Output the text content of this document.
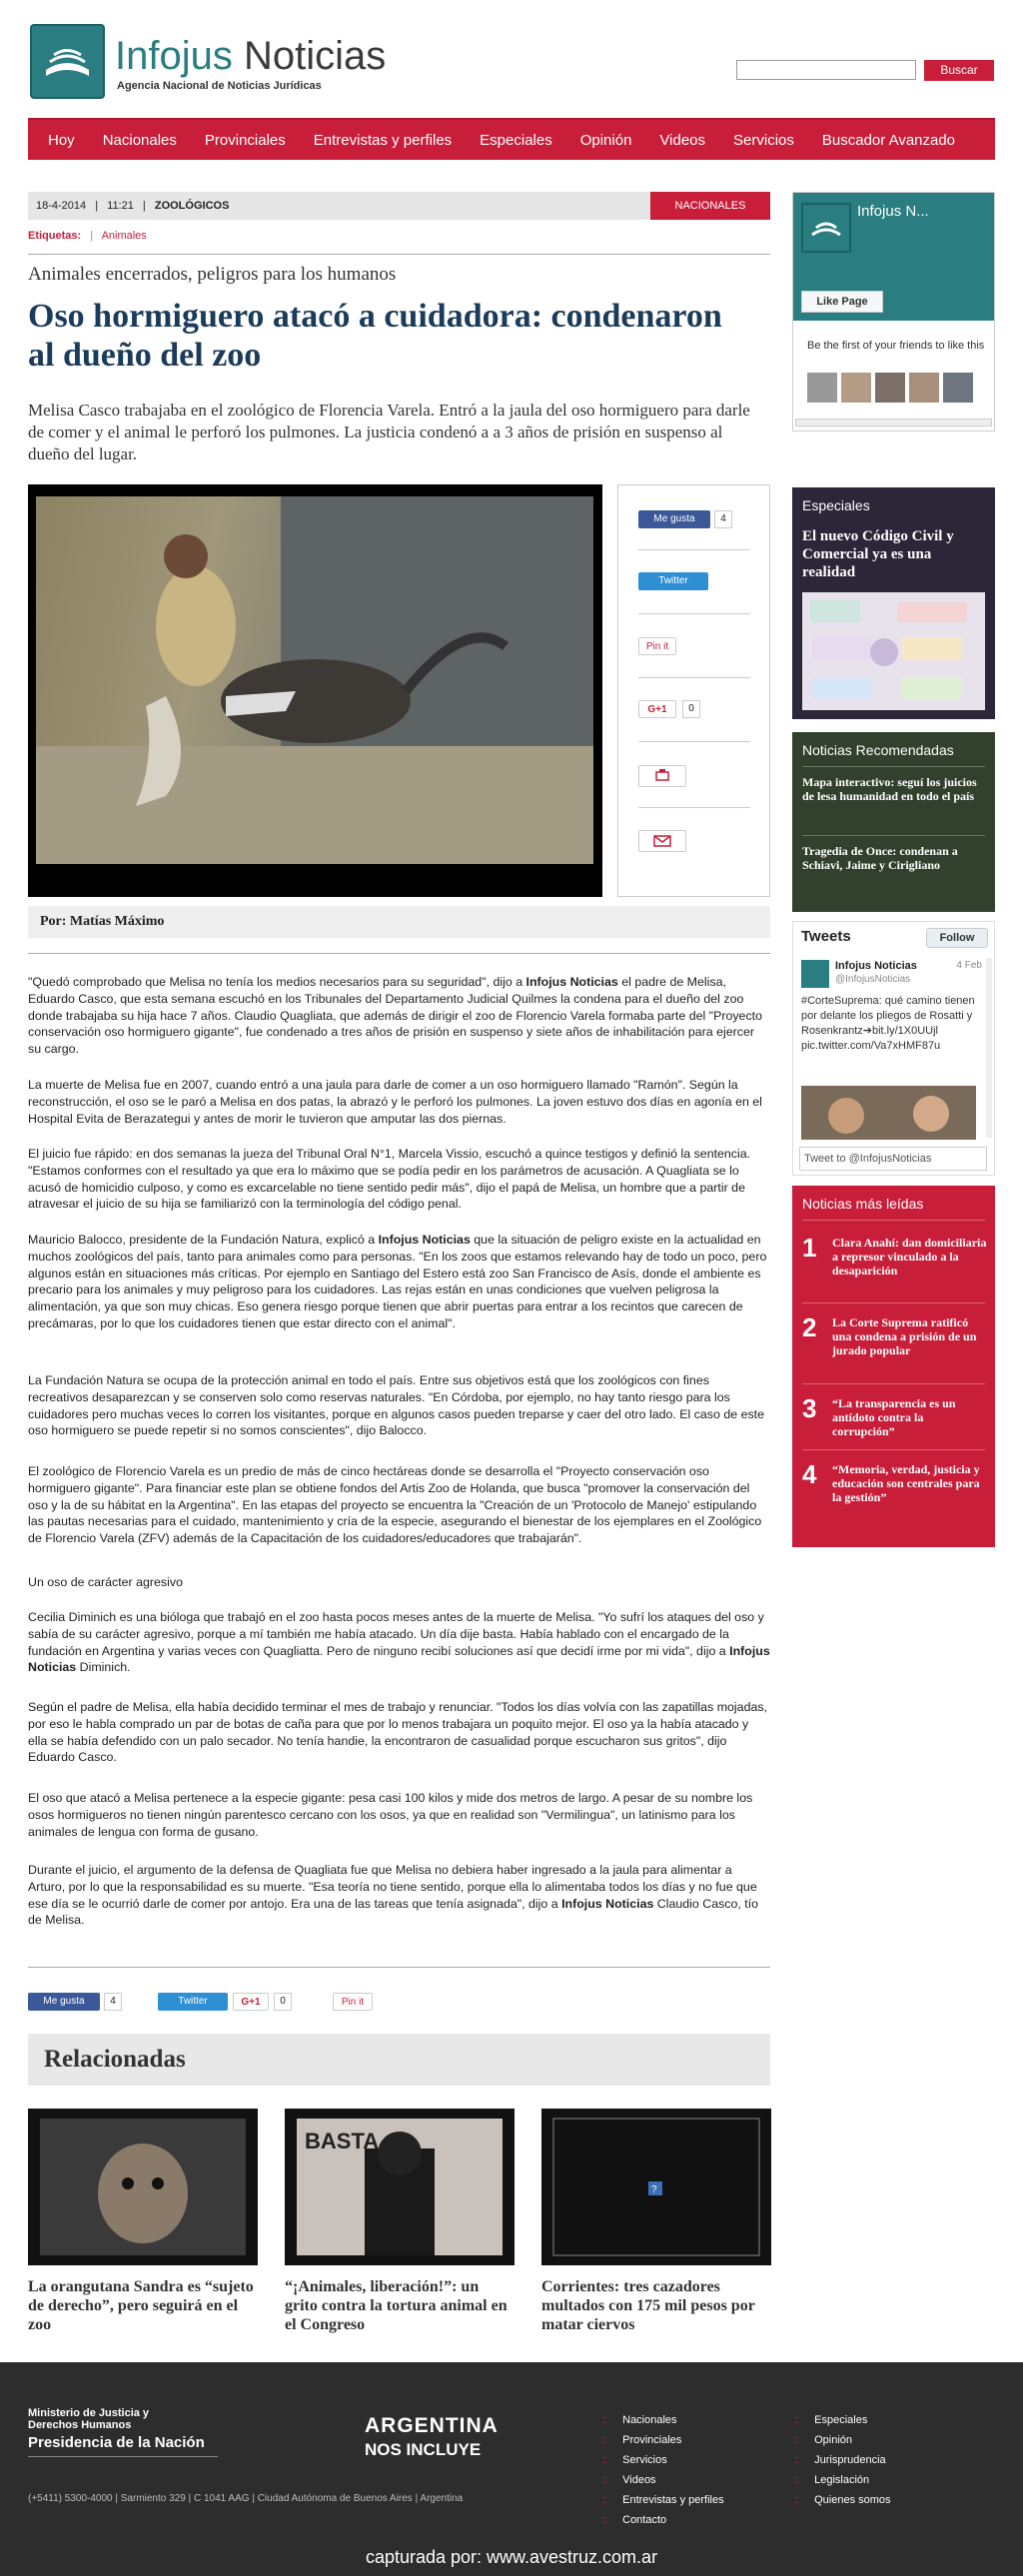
Infojus Noticias
Agencia Nacional de Noticias Jurídicas
Buscar
Hoy	Nacionales	Provinciales	Entrevistas y perfiles	Especiales	Opinión	Videos	Servicios	Buscador Avanzado
18-4-2014 | 11:21 | ZOOLÓGICOS	NACIONALES
Etiquetas: | Animales
Animales encerrados, peligros para los humanos
Oso hormiguero atacó a cuidadora: condenaron al dueño del zoo
Melisa Casco trabajaba en el zoológico de Florencia Varela. Entró a la jaula del oso hormiguero para darle de comer y el animal le perforó los pulmones. La justicia condenó a a 3 años de prisión en suspenso al dueño del lugar.
Me gusta	4
Twitter
Pin it
G+1	0
Por: Matías Máximo
"Quedó comprobado que Melisa no tenía los medios necesarios para su seguridad", dijo a Infojus Noticias el padre de Melisa, Eduardo Casco, que esta semana escuchó en los Tribunales del Departamento Judicial Quilmes la condena para el dueño del zoo donde trabajaba su hija hace 7 años. Claudio Quagliata, que además de dirigir el zoo de Florencio Varela formaba parte del "Proyecto conservación oso hormiguero gigante", fue condenado a tres años de prisión en suspenso y siete años de inhabilitación para ejercer su cargo.
La muerte de Melisa fue en 2007, cuando entró a una jaula para darle de comer a un oso hormiguero llamado "Ramón". Según la reconstrucción, el oso se le paró a Melisa en dos patas, la abrazó y le perforó los pulmones. La joven estuvo dos días en agonía en el Hospital Evita de Berazategui y antes de morir le tuvieron que amputar las dos piernas.
El juicio fue rápido: en dos semanas la jueza del Tribunal Oral N°1, Marcela Vissio, escuchó a quince testigos y definió la sentencia. "Estamos conformes con el resultado ya que era lo máximo que se podía pedir en los parámetros de acusación. A Quagliata se lo acusó de homicidio culposo, y como es excarcelable no tiene sentido pedir más", dijo el papá de Melisa, un hombre que a partir de atravesar el juicio de su hija se familiarizó con la terminología del código penal.
Mauricio Balocco, presidente de la Fundación Natura, explicó a Infojus Noticias que la situación de peligro existe en la actualidad en muchos zoológicos del país, tanto para animales como para personas. "En los zoos que estamos relevando hay de todo un poco, pero algunos están en situaciones más críticas. Por ejemplo en Santiago del Estero está zoo San Francisco de Asís, donde el ambiente es precario para los animales y muy peligroso para los cuidadores. Las rejas están en unas condiciones que vuelven peligrosa la alimentación, ya que son muy chicas. Eso genera riesgo porque tienen que abrir puertas para entrar a los recintos que carecen de precámaras, por lo que los cuidadores tienen que estar directo con el animal".
La Fundación Natura se ocupa de la protección animal en todo el país. Entre sus objetivos está que los zoológicos con fines recreativos desaparezcan y se conserven solo como reservas naturales. "En Córdoba, por ejemplo, no hay tanto riesgo para los cuidadores pero muchas veces lo corren los visitantes, porque en algunos casos pueden treparse y caer del otro lado. El caso de este oso hormiguero se puede repetir si no somos conscientes", dijo Balocco.
El zoológico de Florencio Varela es un predio de más de cinco hectáreas donde se desarrolla el "Proyecto conservación oso hormiguero gigante". Para financiar este plan se obtiene fondos del Artis Zoo de Holanda, que busca "promover la conservación del oso y la de su hábitat en la Argentina". En las etapas del proyecto se encuentra la "Creación de un 'Protocolo de Manejo' estipulando las pautas necesarias para el cuidado, mantenimiento y cría de la especie, asegurando el bienestar de los ejemplares en el Zoológico de Florencio Varela (ZFV) además de la Capacitación de los cuidadores/educadores que trabajarán".
Un oso de carácter agresivo
Cecilia Diminich es una bióloga que trabajó en el zoo hasta pocos meses antes de la muerte de Melisa. "Yo sufrí los ataques del oso y sabía de su carácter agresivo, porque a mí también me había atacado. Un día dije basta. Había hablado con el encargado de la fundación en Argentina y varias veces con Quagliatta. Pero de ninguno recibí soluciones así que decidí irme por mi vida", dijo a Infojus Noticias Diminich.
Según el padre de Melisa, ella había decidido terminar el mes de trabajo y renunciar. "Todos los días volvía con las zapatillas mojadas, por eso le habla comprado un par de botas de caña para que por lo menos trabajara un poquito mejor. El oso ya la había atacado y ella se había defendido con un palo secador. No tenía handie, la encontraron de casualidad porque escucharon sus gritos", dijo Eduardo Casco.
El oso que atacó a Melisa pertenece a la especie gigante: pesa casi 100 kilos y mide dos metros de largo. A pesar de su nombre los osos hormigueros no tienen ningún parentesco cercano con los osos, ya que en realidad son "Vermilingua", un latinismo para los animales de lengua con forma de gusano.
Durante el juicio, el argumento de la defensa de Quagliata fue que Melisa no debiera haber ingresado a la jaula para alimentar a Arturo, por lo que la responsabilidad es su muerte. "Esa teoría no tiene sentido, porque ella lo alimentaba todos los días y no fue que ese día se le ocurrió darle de comer por antojo. Era una de las tareas que tenía asignada", dijo a Infojus Noticias Claudio Casco, tío de Melisa.
Me gusta	4	Twitter	G+1	0	Pin it
Relacionadas
BASTA
?
La orangutana Sandra es “sujeto de derecho”, pero seguirá en el zoo
“¡Animales, liberación!”: un grito contra la tortura animal en el Congreso
Corrientes: tres cazadores multados con 175 mil pesos por matar ciervos
Infojus N...
Like Page
Be the first of your friends to like this
Especiales
El nuevo Código Civil y Comercial ya es una realidad
Noticias Recomendadas
Mapa interactivo: seguí los juicios de lesa humanidad en todo el país
Tragedia de Once: condenan a Schiavi, Jaime y Cirigliano
Tweets	Follow
Infojus Noticias
@InfojusNoticias
4 Feb
#CorteSuprema: qué camino tienen por delante los pliegos de Rosatti y Rosenkrantz➔bit.ly/1X0UUjl pic.twitter.com/Va7xHMF87u
Tweet to @InfojusNoticias
Noticias más leídas
1 Clara Anahí: dan domiciliaria a represor vinculado a la desaparición
2 La Corte Suprema ratificó una condena a prisión de un jurado popular
3 “La transparencia es un antídoto contra la corrupción”
4 “Memoria, verdad, justicia y educación son centrales para la gestión”
Ministerio de Justicia y Derechos Humanos
Presidencia de la Nación
(+5411) 5300-4000 | Sarmiento 329 | C 1041 AAG | Ciudad Autónoma de Buenos Aires | Argentina
ARGENTINA
NOS INCLUYE
:: Nacionales
:: Provinciales
:: Servicios
:: Videos
:: Entrevistas y perfiles
:: Contacto
:: Especiales
:: Opinión
:: Jurisprudencia
:: Legislación
:: Quienes somos
capturada por: www.avestruz.com.ar
